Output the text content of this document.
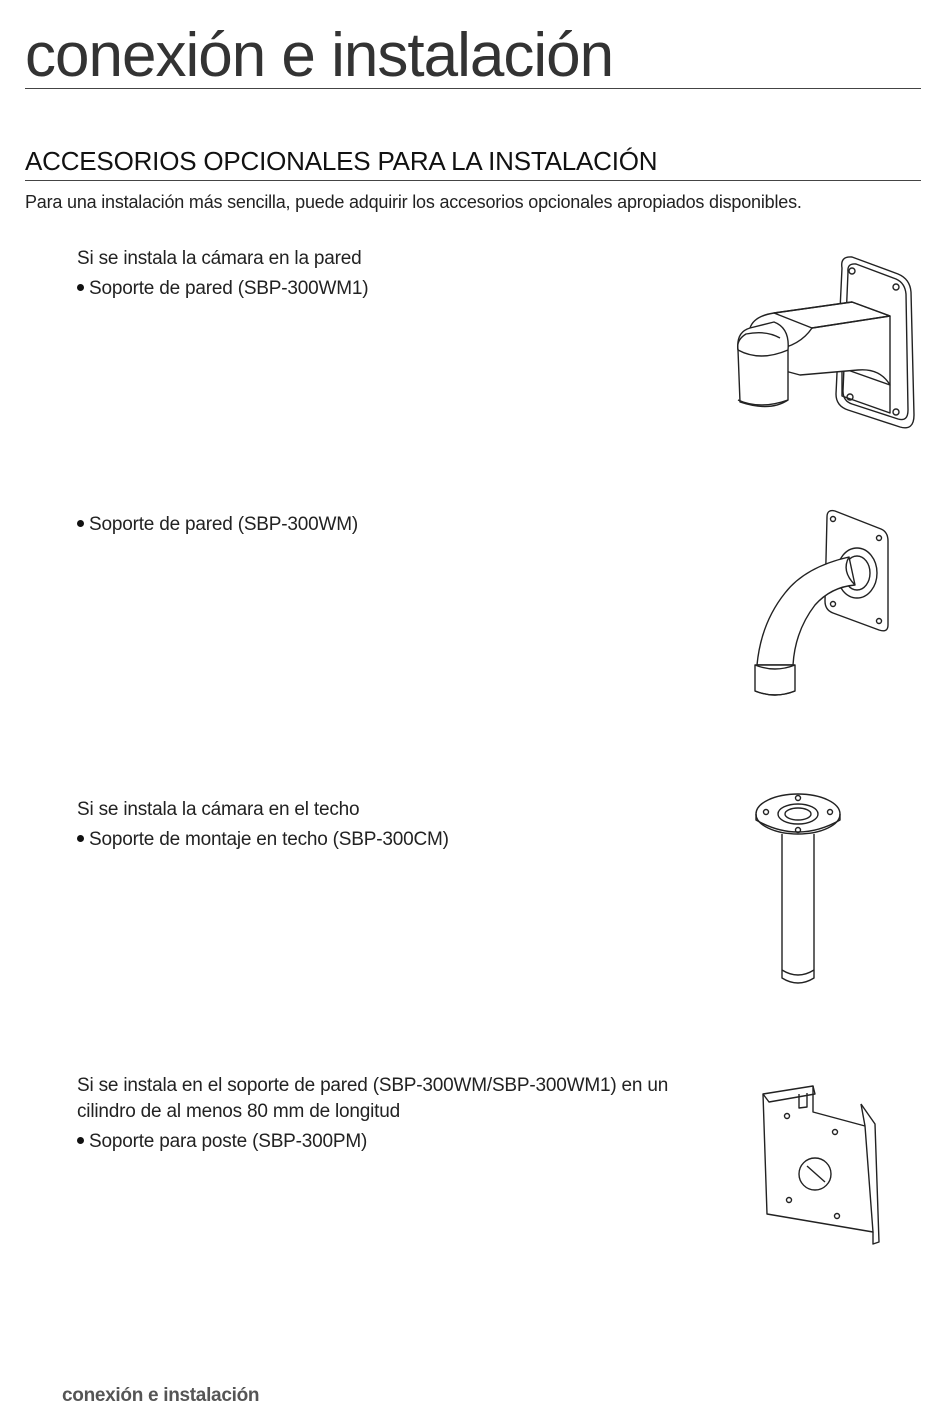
conexión e instalación
ACCESORIOS OPCIONALES PARA LA INSTALACIÓN
Para una instalación más sencilla, puede adquirir los accesorios opcionales apropiados disponibles.
Si se instala la cámara en la pared
Soporte de pared (SBP-300WM1)
Soporte de pared (SBP-300WM)
Si se instala la cámara en el techo
Soporte de montaje en techo (SBP-300CM)
Si se instala en el soporte de pared (SBP-300WM/SBP-300WM1) en un
cilindro de al menos 80 mm de longitud
Soporte para poste (SBP-300PM)
conexión e instalación
